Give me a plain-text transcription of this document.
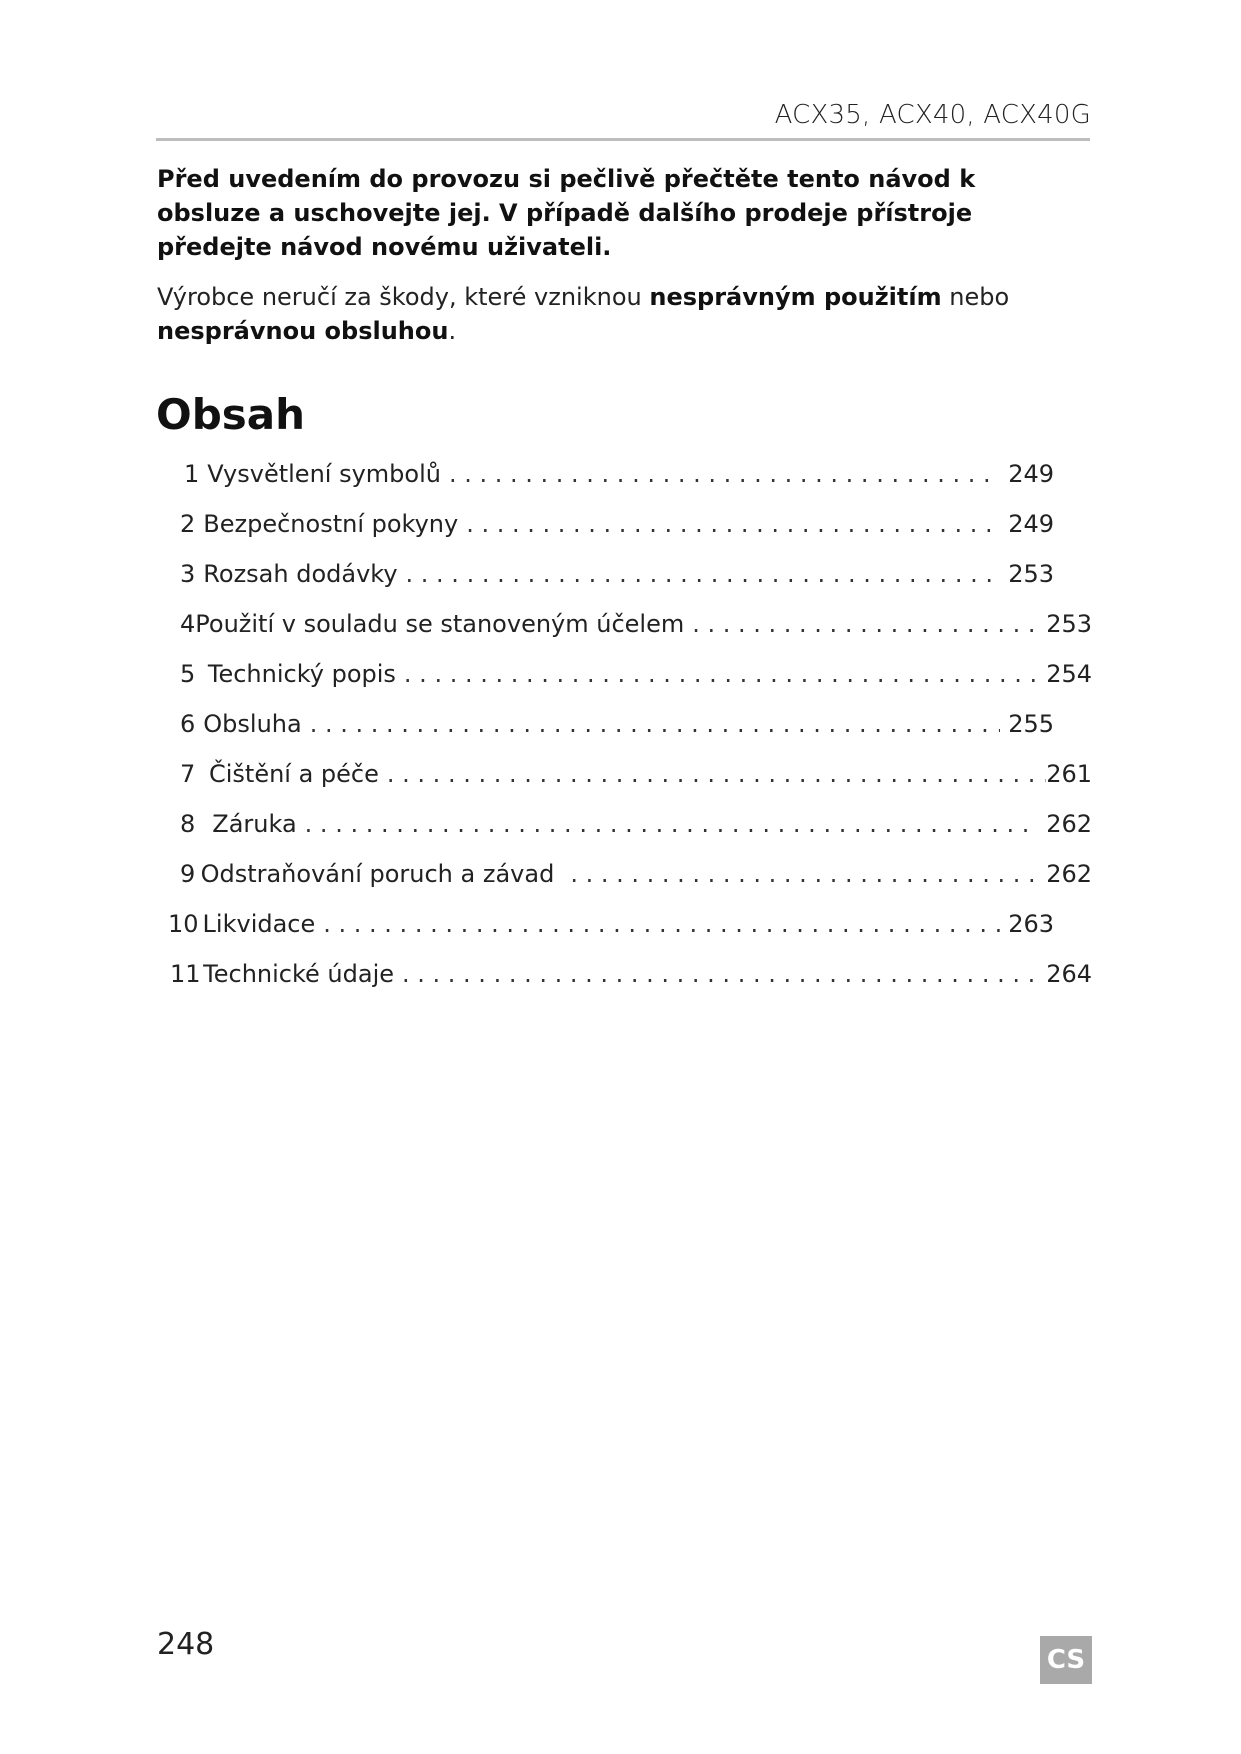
ACX35, ACX40, ACX40G

Před uvedením do provozu si pečlivě přečtěte tento návod k obsluze a uschovejte jej. V případě dalšího prodeje přístroje předejte návod novému uživateli.

Výrobce neručí za škody, které vzniknou nesprávným použitím nebo nesprávnou obsluhou.

Obsah
1 Vysvětlení symbolů . . .	249
2 Bezpečnostní pokyny . . .	249
3 Rozsah dodávky . . .	253
4 Použití v souladu se stanoveným účelem . . .	253
5 Technický popis . . .	254
6 Obsluha . . .	255
7 Čištění a péče . . .	261
8 Záruka . . .	262
9 Odstraňování poruch a závad . . .	262
10 Likvidace . . .	263
11 Technické údaje . . .	264
248	CS
